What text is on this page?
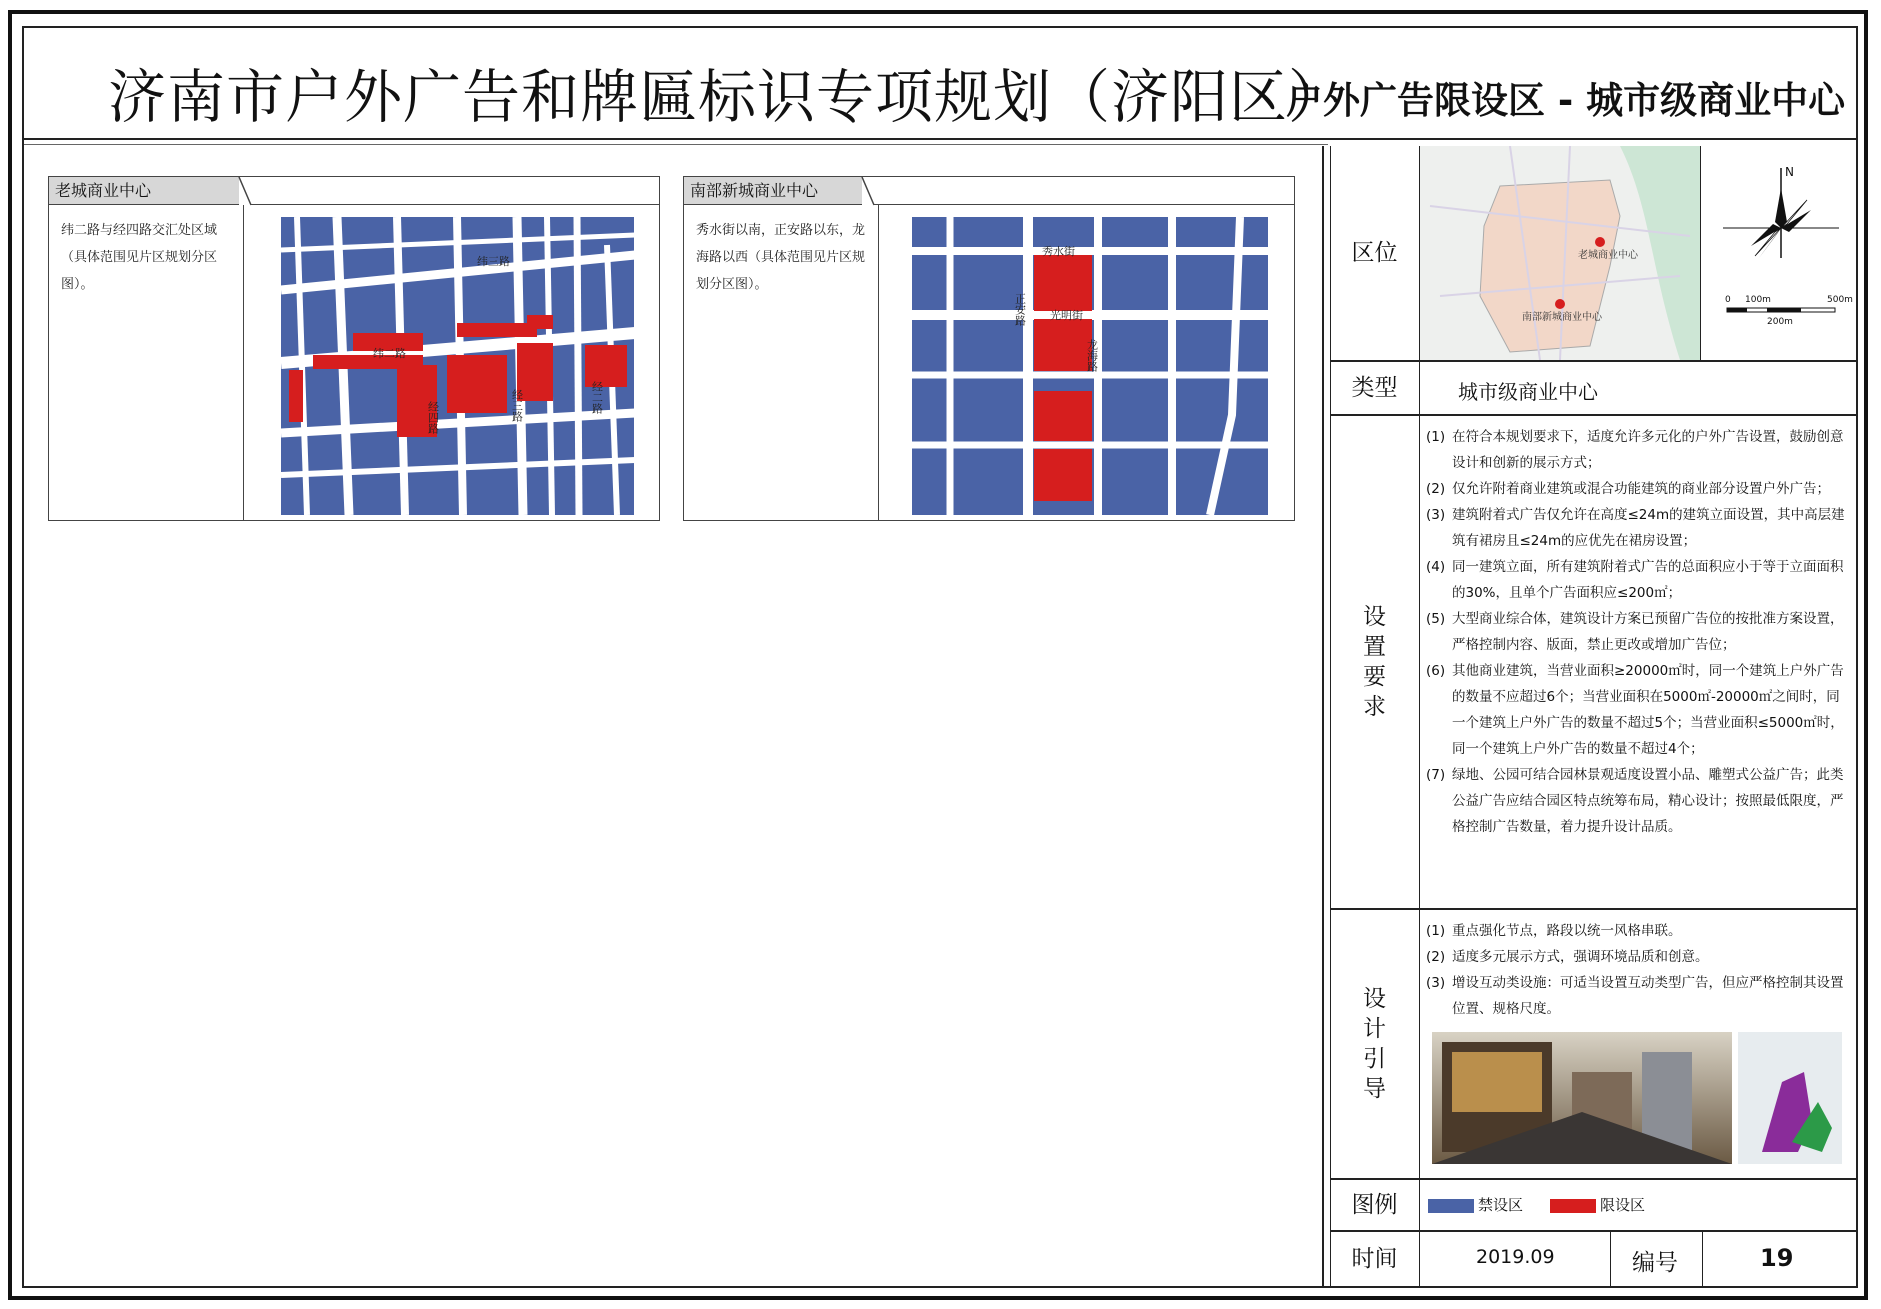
济南市户外广告和牌匾标识专项规划（济阳区）
户外广告限设区 - 城市级商业中心
老城商业中心
纬二路与经四路交汇处区域（具体范围见片区规划分区图）。
纬三路
纬二路
经四路	经三路	经二路
南部新城商业中心
秀水街以南，正安路以东，龙海路以西（具体范围见片区规划分区图）。
秀水街
光明街
正安路
龙海路
区位	老城商业中心
南部新城商业中心
N
0 100m	500m
200m
类型	城市级商业中心
设置要求
(1) 在符合本规划要求下，适度允许多元化的户外广告设置，鼓励创意设计和创新的展示方式；
(2) 仅允许附着商业建筑或混合功能建筑的商业部分设置户外广告；
(3) 建筑附着式广告仅允许在高度≤24m的建筑立面设置，其中高层建筑有裙房且≤24m的应优先在裙房设置；
(4) 同一建筑立面，所有建筑附着式广告的总面积应小于等于立面面积的30%，且单个广告面积应≤200㎡；
(5) 大型商业综合体，建筑设计方案已预留广告位的按批准方案设置，严格控制内容、版面，禁止更改或增加广告位；
(6) 其他商业建筑，当营业面积≥20000㎡时，同一个建筑上户外广告的数量不应超过6个；当营业面积在5000㎡-20000㎡之间时，同一个建筑上户外广告的数量不超过5个；当营业面积≤5000㎡时，同一个建筑上户外广告的数量不超过4个；
(7) 绿地、公园可结合园林景观适度设置小品、雕塑式公益广告；此类公益广告应结合园区特点统筹布局，精心设计；按照最低限度，严格控制广告数量，着力提升设计品质。
设计引导
(1) 重点强化节点，路段以统一风格串联。
(2) 适度多元展示方式，强调环境品质和创意。
(3) 增设互动类设施：可适当设置互动类型广告，但应严格控制其设置位置、规格尺度。
图例	禁设区	限设区
时间	2019.09	编号	19
